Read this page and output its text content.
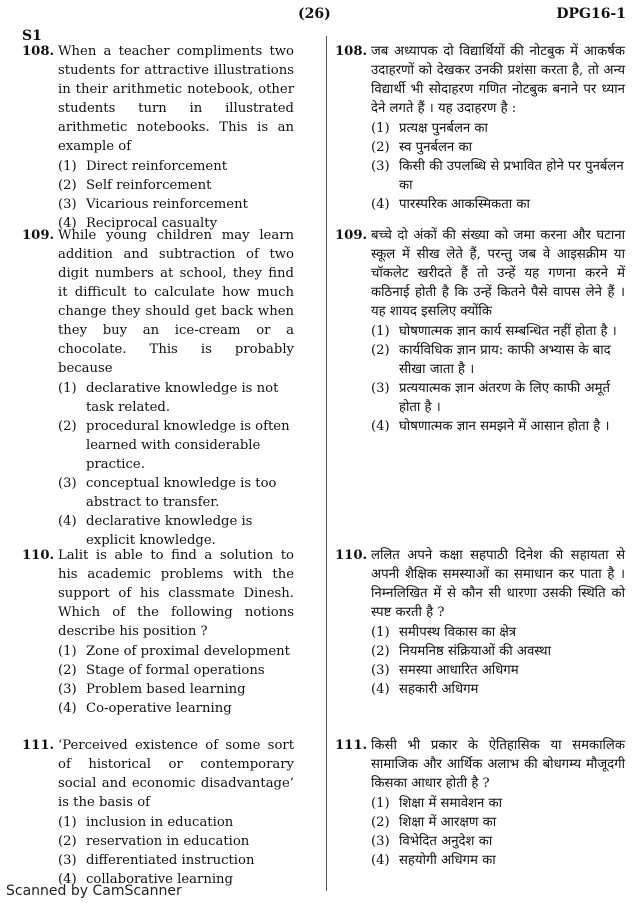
S1
(26)	DPG16-1
108. When a teacher compliments two students for attractive illustrations in their arithmetic notebook, other students turn in illustrated arithmetic notebooks. This is an example of
(1) Direct reinforcement
(2) Self reinforcement
(3) Vicarious reinforcement
(4) Reciprocal casualty
109. While young children may learn addition and subtraction of two digit numbers at school, they find it difficult to calculate how much change they should get back when they buy an ice-cream or a chocolate. This is probably because
(1) declarative knowledge is not task related.
(2) procedural knowledge is often learned with considerable practice.
(3) conceptual knowledge is too abstract to transfer.
(4) declarative knowledge is explicit knowledge.
110. Lalit is able to find a solution to his academic problems with the support of his classmate Dinesh. Which of the following notions describe his position ?
(1) Zone of proximal development
(2) Stage of formal operations
(3) Problem based learning
(4) Co-operative learning
111. ‘Perceived existence of some sort of historical or contemporary social and economic disadvantage’ is the basis of
(1) inclusion in education
(2) reservation in education
(3) differentiated instruction
(4) collaborative learning
108. जब अध्यापक दो विद्यार्थियों की नोटबुक में आकर्षक उदाहरणों को देखकर उनकी प्रशंसा करता है, तो अन्य विद्यार्थी भी सोदाहरण गणित नोटबुक बनाने पर ध्यान देने लगते हैं । यह उदाहरण है :
(1) प्रत्यक्ष पुनर्बलन का
(2) स्व पुनर्बलन का
(3) किसी की उपलब्धि से प्रभावित होने पर पुनर्बलन का
(4) पारस्परिक आकस्मिकता का
109. बच्चे दो अंकों की संख्या को जमा करना और घटाना स्कूल में सीख लेते हैं, परन्तु जब वे आइसक्रीम या चॉकलेट खरीदते हैं तो उन्हें यह गणना करने में कठिनाई होती है कि उन्हें कितने पैसे वापस लेने हैं । यह शायद इसलिए क्योंकि
(1) घोषणात्मक ज्ञान कार्य सम्बन्धित नहीं होता है ।
(2) कार्यविधिक ज्ञान प्राय: काफी अभ्यास के बाद सीखा जाता है ।
(3) प्रत्ययात्मक ज्ञान अंतरण के लिए काफी अमूर्त होता है ।
(4) घोषणात्मक ज्ञान समझने में आसान होता है ।
110. ललित अपने कक्षा सहपाठी दिनेश की सहायता से अपनी शैक्षिक समस्याओं का समाधान कर पाता है । निम्नलिखित में से कौन सी धारणा उसकी स्थिति को स्पष्ट करती है ?
(1) समीपस्थ विकास का क्षेत्र
(2) नियमनिष्ठ संक्रियाओं की अवस्था
(3) समस्या आधारित अधिगम
(4) सहकारी अधिगम
111. किसी भी प्रकार के ऐतिहासिक या समकालिक सामाजिक और आर्थिक अलाभ की बोधगम्य मौजूदगी किसका आधार होती है ?
(1) शिक्षा में समावेशन का
(2) शिक्षा में आरक्षण का
(3) विभेदित अनुदेश का
(4) सहयोगी अधिगम का
Scanned by CamScanner
